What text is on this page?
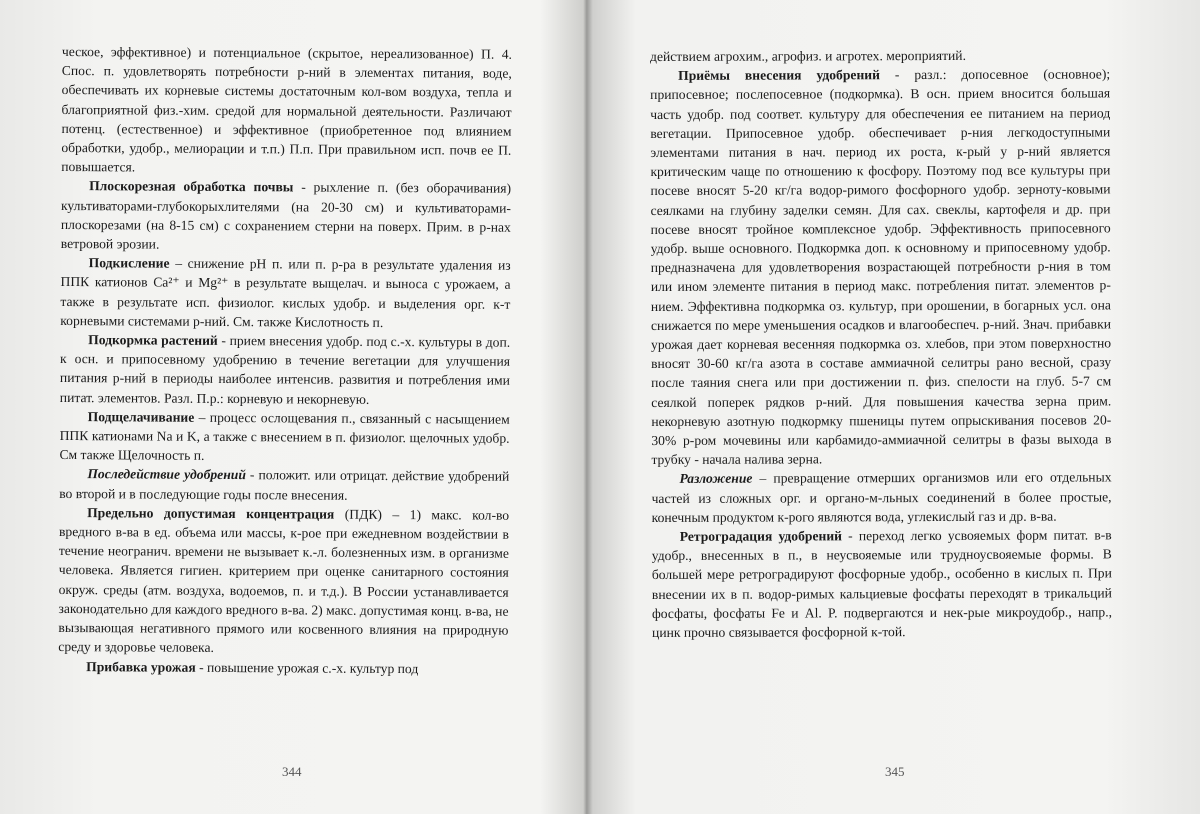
ческое, эффективное) и потенциальное (скрытое, нереализованное) П. 4. Спос. п. удовлетворять потребности р-ний в элементах питания, воде, обеспечивать их корневые системы достаточным кол-вом воздуха, тепла и благоприятной физ.-хим. средой для нормальной деятельности. Различают потенц. (естественное) и эффективное (приобретенное под влиянием обработки, удобр., мелиорации и т.п.) П.п. При правильном исп. почв ее П. повышается.

Плоскорезная обработка почвы - рыхление п. (без оборачивания) культиваторами-глубокорыхлителями (на 20-30 см) и культиваторами-плоскорезами (на 8-15 см) с сохранением стерни на поверх. Прим. в р-нах ветровой эрозии.

Подкисление – снижение pH п. или п. р-ра в результате удаления из ППК катионов Ca²⁺ и Mg²⁺ в результате выщелач. и выноса с урожаем, а также в результате исп. физиолог. кислых удобр. и выделения орг. к-т корневыми системами р-ний. См. также Кислотность п.

Подкормка растений - прием внесения удобр. под с.-х. культуры в доп. к осн. и припосевному удобрению в течение вегетации для улучшения питания р-ний в периоды наиболее интенсив. развития и потребления ими питат. элементов. Разл. П.р.: корневую и некорневую.

Подщелачивание – процесс ослощевания п., связанный с насыщением ППК катионами Na и K, а также с внесением в п. физиолог. щелочных удобр. См также Щелочность п.

Последействие удобрений - положит. или отрицат. действие удобрений во второй и в последующие годы после внесения.

Предельно допустимая концентрация (ПДК) – 1) макс. кол-во вредного в-ва в ед. объема или массы, к-рое при ежедневном воздействии в течение неогранич. времени не вызывает к.-л. болезненных изм. в организме человека. Является гигиен. критерием при оценке санитарного состояния окруж. среды (атм. воздуха, водоемов, п. и т.д.). В России устанавливается законодательно для каждого вредного в-ва. 2) макс. допустимая конц. в-ва, не вызывающая негативного прямого или косвенного влияния на природную среду и здоровье человека.

Прибавка урожая - повышение урожая с.-х. культур под

344

действием агрохим., агрофиз. и агротех. мероприятий.

Приёмы внесения удобрений - разл.: допосевное (основное); припосевное; послепосевное (подкормка). В осн. прием вносится большая часть удобр. под соответ. культуру для обеспечения ее питанием на период вегетации. Припосевное удобр. обеспечивает р-ния легкодоступными элементами питания в нач. период их роста, к-рый у р-ний является критическим чаще по отношению к фосфору. Поэтому под все культуры при посеве вносят 5-20 кг/га водор-римого фосфорного удобр. зерноту-ковыми сеялками на глубину заделки семян. Для сах. свеклы, картофеля и др. при посеве вносят тройное комплексное удобр. Эффективность припосевного удобр. выше основного. Подкормка доп. к основному и припосевному удобр. предназначена для удовлетворения возрастающей потребности р-ния в том или ином элементе питания в период макс. потребления питат. элементов р-нием. Эффективна подкормка оз. культур, при орошении, в богарных усл. она снижается по мере уменьшения осадков и влагообеспеч. р-ний. Знач. прибавки урожая дает корневая весенняя подкормка оз. хлебов, при этом поверхностно вносят 30-60 кг/га азота в составе аммиачной селитры рано весной, сразу после таяния снега или при достижении п. физ. спелости на глуб. 5-7 см сеялкой поперек рядков р-ний. Для повышения качества зерна прим. некорневую азотную подкормку пшеницы путем опрыскивания посевов 20-30% р-ром мочевины или карбамидо-аммиачной селитры в фазы выхода в трубку - начала налива зерна.

Разложение – превращение отмерших организмов или его отдельных частей из сложных орг. и органо-м-льных соединений в более простые, конечным продуктом к-рого являются вода, углекислый газ и др. в-ва.

Ретроградация удобрений - переход легко усвояемых форм питат. в-в удобр., внесенных в п., в неусвояемые или трудноусвояемые формы. В большей мере ретроградируют фосфорные удобр., особенно в кислых п. При внесении их в п. водор-римых кальциевые фосфаты переходят в трикальций фосфаты, фосфаты Fe и Al. P. подвергаются и нек-рые микроудобр., напр., цинк прочно связывается фосфорной к-той.

345
